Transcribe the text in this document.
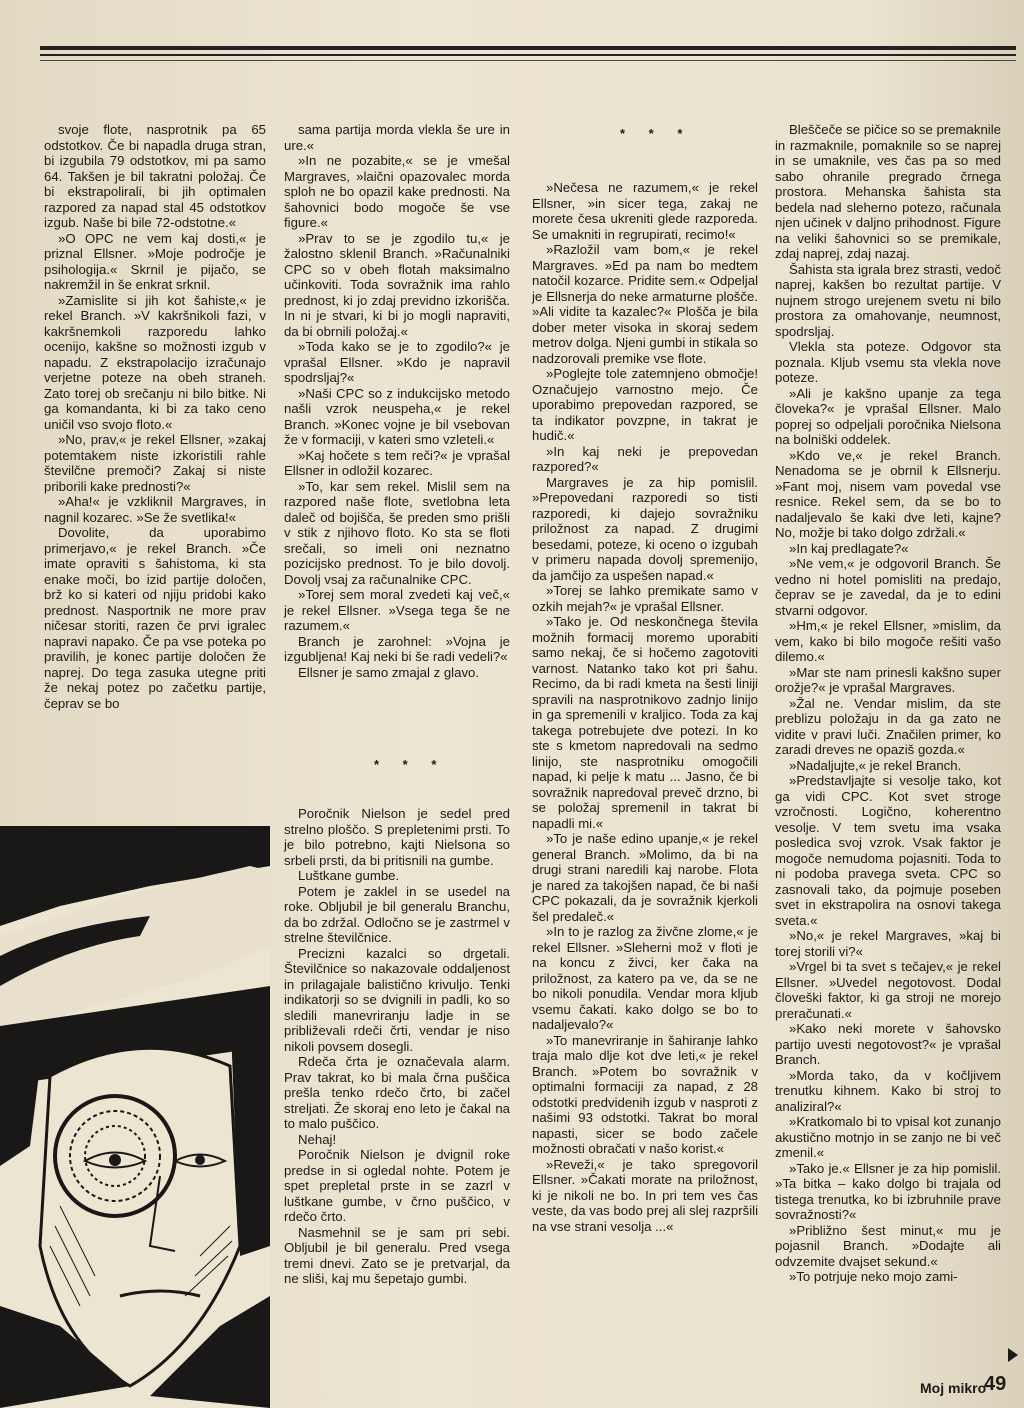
svoje flote, nasprotnik pa 65 odstotkov. Če bi napadla druga stran, bi izgubila 79 odstotkov, mi pa samo 64. Takšen je bil takratni položaj. Če bi ekstrapolirali, bi jih optimalen razpored za napad stal 45 odstotkov izgub. Naše bi bile 72-odstotne.«

»O OPC ne vem kaj dosti,« je priznal Ellsner. »Moje področje je psihologija.« Skrnil je pijačo, se nakremžil in še enkrat srknil.

»Zamislite si jih kot šahiste,« je rekel Branch. »V kakršnikoli fazi, v kakršnemkoli razporedu lahko ocenijo, kakšne so možnosti izgub v napadu. Z ekstrapolacijo izračunajo verjetne poteze na obeh straneh. Zato torej ob srečanju ni bilo bitke. Ni ga komandanta, ki bi za tako ceno uničil vso svojo floto.«

»No, prav,« je rekel Ellsner, »zakaj potemtakem niste izkoristili rahle številčne premoči? Zakaj si niste priborili kake prednosti?«

»Aha!« je vzkliknil Margraves, in nagnil kozarec. »Se že svetlika!«

Dovolite, da uporabimo primerjavo,« je rekel Branch. »Če imate opraviti s šahistoma, ki sta enake moči, bo izid partije določen, brž ko si kateri od njiju pridobi kako prednost. Nasportnik ne more prav ničesar storiti, razen če prvi igralec napravi napako. Če pa vse poteka po pravilih, je konec partije določen že naprej. Do tega zasuka utegne priti že nekaj potez po začetku partije, čeprav se bo

sama partija morda vlekla še ure in ure.«

»In ne pozabite,« se je vmešal Margraves, »laični opazovalec morda sploh ne bo opazil kake prednosti. Na šahovnici bodo mogoče še vse figure.«

»Prav to se je zgodilo tu,« je žalostno sklenil Branch. »Računalniki CPC so v obeh flotah maksimalno učinkoviti. Toda sovražnik ima rahlo prednost, ki jo zdaj previdno izkorišča. In ni je stvari, ki bi jo mogli napraviti, da bi obrnili položaj.«

»Toda kako se je to zgodilo?« je vprašal Ellsner. »Kdo je napravil spodrsljaj?«

»Naši CPC so z indukcijsko metodo našli vzrok neuspeha,« je rekel Branch. »Konec vojne je bil vsebovan že v formaciji, v kateri smo vzleteli.«

»Kaj hočete s tem reči?« je vprašal Ellsner in odložil kozarec.

»To, kar sem rekel. Mislil sem na razpored naše flote, svetlobna leta daleč od bojišča, še preden smo prišli v stik z njihovo floto. Ko sta se floti srečali, so imeli oni neznatno pozicijsko prednost. To je bilo dovolj. Dovolj vsaj za računalnike CPC.

»Torej sem moral zvedeti kaj več,« je rekel Ellsner. »Vsega tega še ne razumem.«

Branch je zarohnel: »Vojna je izgubljena! Kaj neki bi še radi vedeli?«

Ellsner je samo zmajal z glavo.

* * *

Poročnik Nielson je sedel pred strelno ploščo. S prepletenimi prsti. To je bilo potrebno, kajti Nielsona so srbeli prsti, da bi pritisnili na gumbe.

Luštkane gumbe.

Potem je zaklel in se usedel na roke. Obljubil je bil generalu Branchu, da bo zdržal. Odločno se je zastrmel v strelne številčnice.

Precizni kazalci so drgetali. Številčnice so nakazovale oddaljenost in prilagajale balistično krivuljo. Tenki indikatorji so se dvignili in padli, ko so sledili manevriranju ladje in se približevali rdeči črti, vendar je niso nikoli povsem dosegli.

Rdeča črta je označevala alarm. Prav takrat, ko bi mala črna puščica prešla tenko rdečo črto, bi začel streljati. Že skoraj eno leto je čakal na to malo puščico.

Nehaj!

Poročnik Nielson je dvignil roke predse in si ogledal nohte. Potem je spet prepletal prste in se zazrl v luštkane gumbe, v črno puščico, v rdečo črto.

Nasmehnil se je sam pri sebi. Obljubil je bil generalu. Pred vsega tremi dnevi. Zato se je pretvarjal, da ne sliši, kaj mu šepetajo gumbi.

* * *

»Nečesa ne razumem,« je rekel Ellsner, »in sicer tega, zakaj ne morete česa ukreniti glede razporeda. Se umakniti in regrupirati, recimo!«

»Razložil vam bom,« je rekel Margraves. »Ed pa nam bo medtem natočil kozarce. Pridite sem.« Odpeljal je Ellsnerja do neke armaturne plošče. »Ali vidite ta kazalec?« Plošča je bila dober meter visoka in skoraj sedem metrov dolga. Njeni gumbi in stikala so nadzorovali premike vse flote.

»Poglejte tole zatemnjeno območje! Označujejo varnostno mejo. Če uporabimo prepovedan razpored, se ta indikator povzpne, in takrat je hudič.«

»In kaj neki je prepovedan razpored?«

Margraves je za hip pomislil. »Prepovedani razporedi so tisti razporedi, ki dajejo sovražniku priložnost za napad. Z drugimi besedami, poteze, ki oceno o izgubah v primeru napada dovolj spremenijo, da jamčijo za uspešen napad.«

»Torej se lahko premikate samo v ozkih mejah?« je vprašal Ellsner.

»Tako je. Od neskončnega števila možnih formacij moremo uporabiti samo nekaj, če si hočemo zagotoviti varnost. Natanko tako kot pri šahu. Recimo, da bi radi kmeta na šesti liniji spravili na nasprotnikovo zadnjo linijo in ga spremenili v kraljico. Toda za kaj takega potrebujete dve potezi. In ko ste s kmetom napredovali na sedmo linijo, ste nasprotniku omogočili napad, ki pelje k matu ... Jasno, če bi sovražnik napredoval preveč drzno, bi se položaj spremenil in takrat bi napadli mi.«

»To je naše edino upanje,« je rekel general Branch. »Molimo, da bi na drugi strani naredili kaj narobe. Flota je nared za takojšen napad, če bi naši CPC pokazali, da je sovražnik kjerkoli šel predaleč.«

»In to je razlog za živčne zlome,« je rekel Ellsner. »Sleherni mož v floti je na koncu z živci, ker čaka na priložnost, za katero pa ve, da se ne bo nikoli ponudila. Vendar mora kljub vsemu čakati. kako dolgo se bo to nadaljevalo?«

»To manevriranje in šahiranje lahko traja malo dlje kot dve leti,« je rekel Branch. »Potem bo sovražnik v optimalni formaciji za napad, z 28 odstotki predvidenih izgub v nasproti z našimi 93 odstotki. Takrat bo moral napasti, sicer se bodo začele možnosti obračati v našo korist.«

»Reveži,« je tako spregovoril Ellsner. »Čakati morate na priložnost, ki je nikoli ne bo. In pri tem ves čas veste, da vas bodo prej ali slej razpršili na vse strani vesolja ...«

Bleščeče se pičice so se premaknile in razmaknile, pomaknile so se naprej in se umaknile, ves čas pa so med sabo ohranile pregrado črnega prostora. Mehanska šahista sta bedela nad sleherno potezo, računala njen učinek v daljno prihodnost. Figure na veliki šahovnici so se premikale, zdaj naprej, zdaj nazaj.

Šahista sta igrala brez strasti, vedoč naprej, kakšen bo rezultat partije. V nujnem strogo urejenem svetu ni bilo prostora za omahovanje, neumnost, spodrsljaj.

Vlekla sta poteze. Odgovor sta poznala. Kljub vsemu sta vlekla nove poteze.

»Ali je kakšno upanje za tega človeka?« je vprašal Ellsner. Malo poprej so odpeljali poročnika Nielsona na bolniški oddelek.

»Kdo ve,« je rekel Branch. Nenadoma se je obrnil k Ellsnerju. »Fant moj, nisem vam povedal vse resnice. Rekel sem, da se bo to nadaljevalo še kaki dve leti, kajne? No, možje bi tako dolgo zdržali.«

»In kaj predlagate?«

»Ne vem,« je odgovoril Branch. Še vedno ni hotel pomisliti na predajo, čeprav se je zavedal, da je to edini stvarni odgovor.

»Hm,« je rekel Ellsner, »mislim, da vem, kako bi bilo mogoče rešiti vašo dilemo.«

»Mar ste nam prinesli kakšno super orožje?« je vprašal Margraves.

»Žal ne. Vendar mislim, da ste preblizu položaju in da ga zato ne vidite v pravi luči. Značilen primer, ko zaradi dreves ne opaziš gozda.«

»Nadaljujte,« je rekel Branch.

»Predstavljajte si vesolje tako, kot ga vidi CPC. Kot svet stroge vzročnosti. Logično, koherentno vesolje. V tem svetu ima vsaka posledica svoj vzrok. Vsak faktor je mogoče nemudoma pojasniti. Toda to ni podoba pravega sveta. CPC so zasnovali tako, da pojmuje poseben svet in ekstrapolira na osnovi takega sveta.«

»No,« je rekel Margraves, »kaj bi torej storili vi?«

»Vrgel bi ta svet s tečajev,« je rekel Ellsner. »Uvedel negotovost. Dodal človeški faktor, ki ga stroji ne morejo preračunati.«

»Kako neki morete v šahovsko partijo uvesti negotovost?« je vprašal Branch.

»Morda tako, da v kočljivem trenutku kihnem. Kako bi stroj to analiziral?«

»Kratkomalo bi to vpisal kot zunanjo akustično motnjo in se zanjo ne bi več zmenil.«

»Tako je.« Ellsner je za hip pomislil. »Ta bitka – kako dolgo bi trajala od tistega trenutka, ko bi izbruhnile prave sovražnosti?«

»Približno šest minut,« mu je pojasnil Branch. »Dodajte ali odvzemite dvajset sekund.«

»To potrjuje neko mojo zami-

Moj mikro
49
